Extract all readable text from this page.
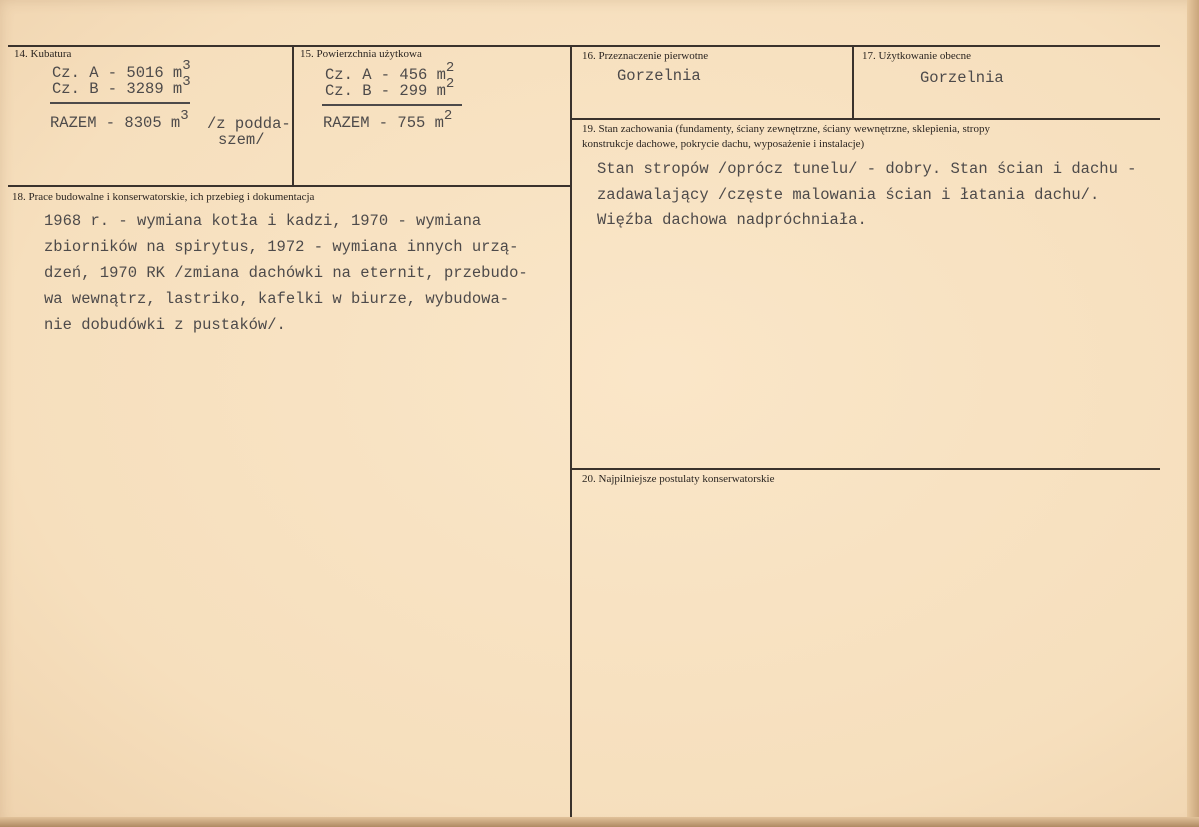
14. Kubatura
Cz. A - 5016 m3
Cz. B - 3289 m3
RAZEM - 8305 m3 /z podda-
szem/
15. Powierzchnia użytkowa
Cz. A - 456 m2
Cz. B - 299 m2
RAZEM - 755 m2
16. Przeznaczenie pierwotne
Gorzelnia
17. Użytkowanie obecne
Gorzelnia
18. Prace budowalne i konserwatorskie, ich przebieg i dokumentacja
1968 r. - wymiana kotła i kadzi, 1970 - wymiana
zbiorników na spirytus, 1972 - wymiana innych urzą-
dzeń, 1970 RK /zmiana dachówki na eternit, przebudo-
wa wewnątrz, lastriko, kafelki w biurze, wybudowa-
nie dobudówki z pustaków/.
19. Stan zachowania (fundamenty, ściany zewnętrzne, ściany wewnętrzne, sklepienia, stropy
konstrukcje dachowe, pokrycie dachu, wyposażenie i instalacje)
Stan stropów /oprócz tunelu/ - dobry. Stan ścian i dachu -
zadawalający /częste malowania ścian i łatania dachu/.
Więźba dachowa nadpróchniała.
20. Najpilniejsze postulaty konserwatorskie
